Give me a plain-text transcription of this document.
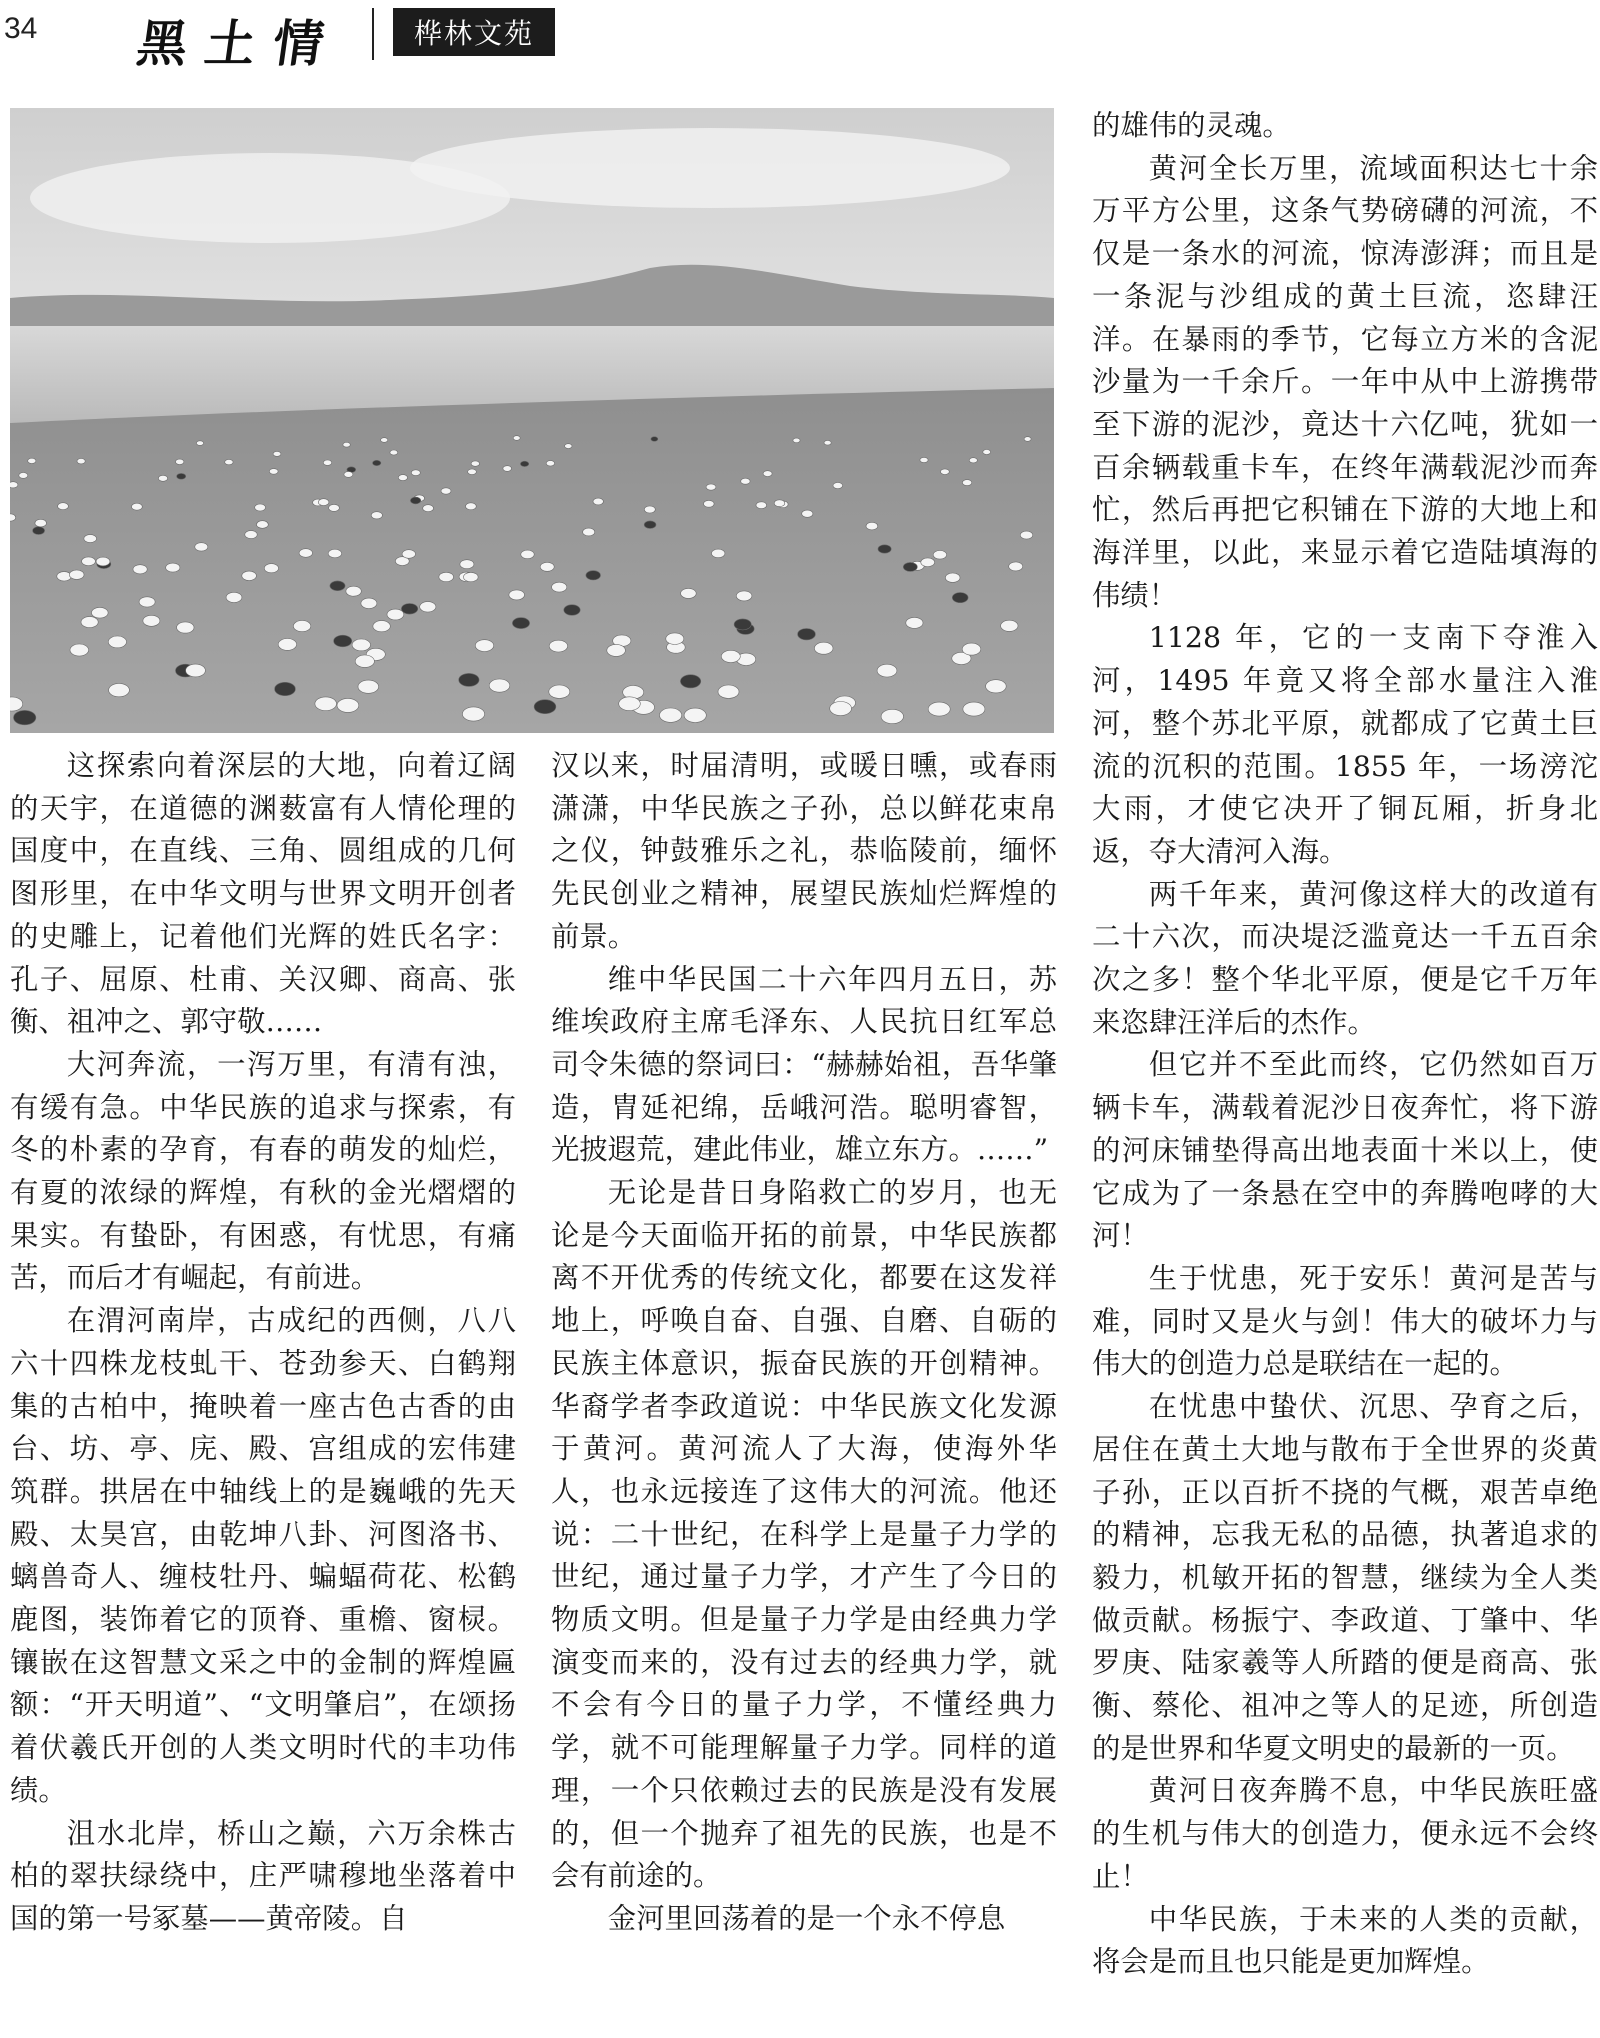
34 黑土情	桦林文苑

这探索向着深层的大地，向着辽阔的天宇，在道德的渊薮富有人情伦理的国度中，在直线、三角、圆组成的几何图形里，在中华文明与世界文明开创者的史雕上，记着他们光辉的姓氏名字：孔子、屈原、杜甫、关汉卿、商高、张衡、祖冲之、郭守敬……

大河奔流，一泻万里，有清有浊，有缓有急。中华民族的追求与探索，有冬的朴素的孕育，有春的萌发的灿烂，有夏的浓绿的辉煌，有秋的金光熠熠的果实。有蛰卧，有困惑，有忧思，有痛苦，而后才有崛起，有前进。

在渭河南岸，古成纪的西侧，八八六十四株龙枝虬干、苍劲参天、白鹤翔集的古柏中，掩映着一座古色古香的由台、坊、亭、庑、殿、宫组成的宏伟建筑群。拱居在中轴线上的是巍峨的先天殿、太昊宫，由乾坤八卦、河图洛书、螭兽奇人、缠枝牡丹、蝙蝠荷花、松鹤鹿图，装饰着它的顶脊、重檐、窗棂。镶嵌在这智慧文采之中的金制的辉煌匾额：“开天明道”、“文明肇启”，在颂扬着伏羲氏开创的人类文明时代的丰功伟绩。

沮水北岸，桥山之巅，六万余株古柏的翠扶绿绕中，庄严啸穆地坐落着中国的第一号冢墓——黄帝陵。自

汉以来，时届清明，或暖日曛，或春雨潇潇，中华民族之子孙，总以鲜花束帛之仪，钟鼓雅乐之礼，恭临陵前，缅怀先民创业之精神，展望民族灿烂辉煌的前景。

维中华民国二十六年四月五日，苏维埃政府主席毛泽东、人民抗日红军总司令朱德的祭词曰：“赫赫始祖，吾华肇造，胄延祀绵，岳峨河浩。聪明睿智，光披遐荒，建此伟业，雄立东方。……”

无论是昔日身陷救亡的岁月，也无论是今天面临开拓的前景，中华民族都离不开优秀的传统文化，都要在这发祥地上，呼唤自奋、自强、自磨、自砺的民族主体意识，振奋民族的开创精神。华裔学者李政道说：中华民族文化发源于黄河。黄河流人了大海，使海外华人，也永远接连了这伟大的河流。他还说：二十世纪，在科学上是量子力学的世纪，通过量子力学，才产生了今日的物质文明。但是量子力学是由经典力学演变而来的，没有过去的经典力学，就不会有今日的量子力学，不懂经典力学，就不可能理解量子力学。同样的道理，一个只依赖过去的民族是没有发展的，但一个抛弃了祖先的民族，也是不会有前途的。

金河里回荡着的是一个永不停息

的雄伟的灵魂。

黄河全长万里，流域面积达七十余万平方公里，这条气势磅礴的河流，不仅是一条水的河流，惊涛澎湃；而且是一条泥与沙组成的黄土巨流，恣肆汪洋。在暴雨的季节，它每立方米的含泥沙量为一千余斤。一年中从中上游携带至下游的泥沙，竟达十六亿吨，犹如一百余辆载重卡车，在终年满载泥沙而奔忙，然后再把它积铺在下游的大地上和海洋里，以此，来显示着它造陆填海的伟绩！

1128 年，它的一支南下夺淮入河，1495 年竟又将全部水量注入淮河，整个苏北平原，就都成了它黄土巨流的沉积的范围。1855 年，一场滂沱大雨，才使它决开了铜瓦厢，折身北返，夺大清河入海。

两千年来，黄河像这样大的改道有二十六次，而决堤泛滥竟达一千五百余次之多！整个华北平原，便是它千万年来恣肆汪洋后的杰作。

但它并不至此而终，它仍然如百万辆卡车，满载着泥沙日夜奔忙，将下游的河床铺垫得高出地表面十米以上，使它成为了一条悬在空中的奔腾咆哮的大河！

生于忧患，死于安乐！黄河是苦与难，同时又是火与剑！伟大的破坏力与伟大的创造力总是联结在一起的。

在忧患中蛰伏、沉思、孕育之后，居住在黄土大地与散布于全世界的炎黄子孙，正以百折不挠的气概，艰苦卓绝的精神，忘我无私的品德，执著追求的毅力，机敏开拓的智慧，继续为全人类做贡献。杨振宁、李政道、丁肇中、华罗庚、陆家羲等人所踏的便是商高、张衡、蔡伦、祖冲之等人的足迹，所创造的是世界和华夏文明史的最新的一页。

黄河日夜奔腾不息，中华民族旺盛的生机与伟大的创造力，便永远不会终止！

中华民族，于未来的人类的贡献，将会是而且也只能是更加辉煌。
